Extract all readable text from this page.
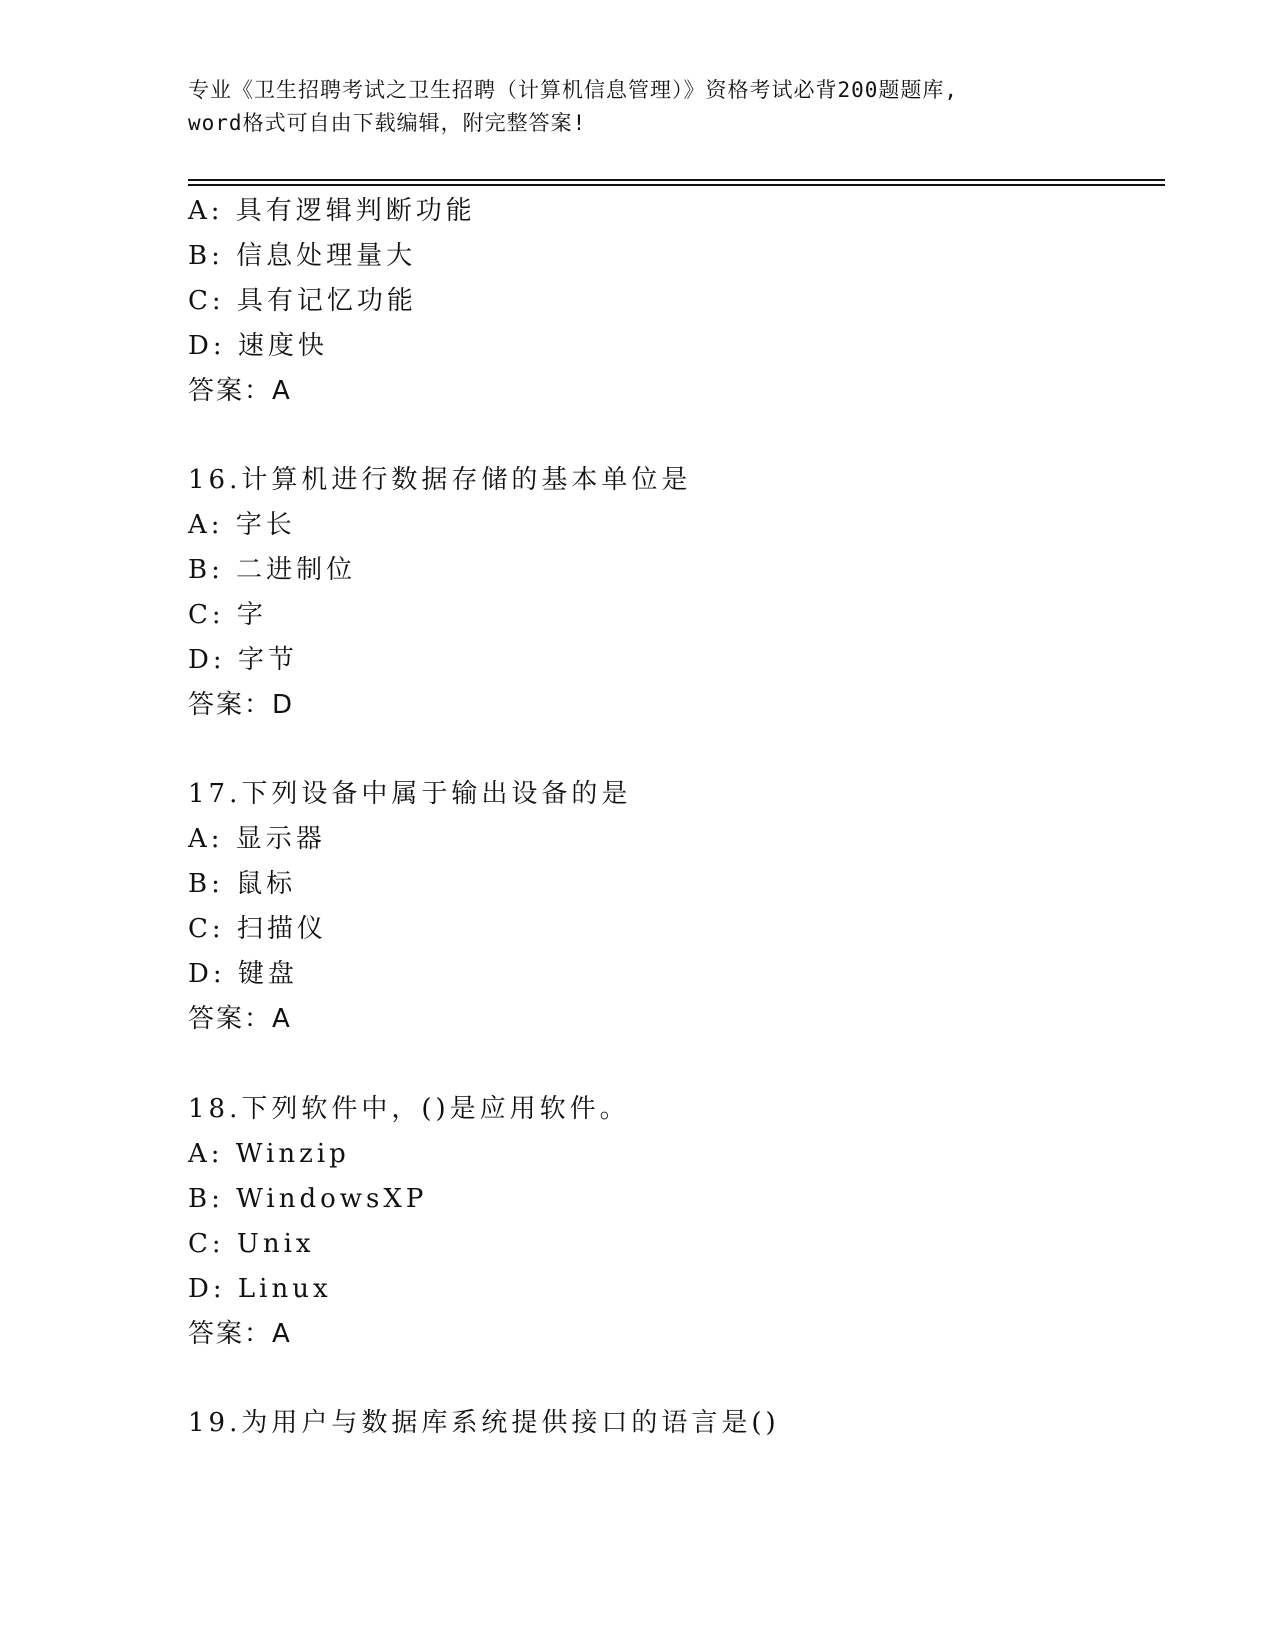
专业《卫生招聘考试之卫生招聘（计算机信息管理）》资格考试必背200题题库,
word格式可自由下载编辑，附完整答案!
A: 具有逻辑判断功能
B: 信息处理量大
C: 具有记忆功能
D: 速度快
答案：A
16.计算机进行数据存储的基本单位是
A: 字长
B: 二进制位
C: 字
D: 字节
答案：D
17.下列设备中属于输出设备的是
A: 显示器
B: 鼠标
C: 扫描仪
D: 键盘
答案：A
18.下列软件中，()是应用软件。
A: Winzip
B: WindowsXP
C: Unix
D: Linux
答案：A
19.为用户与数据库系统提供接口的语言是()
